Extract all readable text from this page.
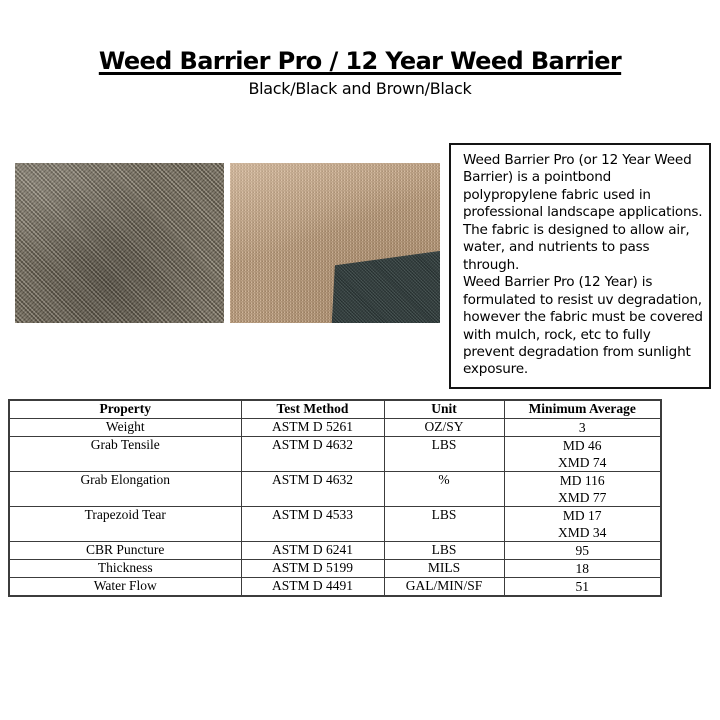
Weed Barrier Pro / 12 Year Weed Barrier
Black/Black and Brown/Black

Weed Barrier Pro (or 12 Year Weed Barrier) is a pointbond polypropylene fabric used in professional landscape applications. The fabric is designed to allow air, water, and nutrients to pass through.

Weed Barrier Pro (12 Year) is formulated to resist uv degradation, however the fabric must be covered with mulch, rock, etc to fully prevent degradation from sunlight exposure.

Property	Test Method	Unit	Minimum Average
Weight	ASTM D 5261	OZ/SY	3

Grab Tensile	ASTM D 4632	LBS	MD 46
XMD 74

Grab Elongation	ASTM D 4632	%	MD 116
XMD 77

Trapezoid Tear	ASTM D 4533	LBS	MD 17
XMD 34

CBR Puncture	ASTM D 6241	LBS	95

Thickness	ASTM D 5199	MILS	18

Water Flow	ASTM D 4491	GAL/MIN/SF	51
